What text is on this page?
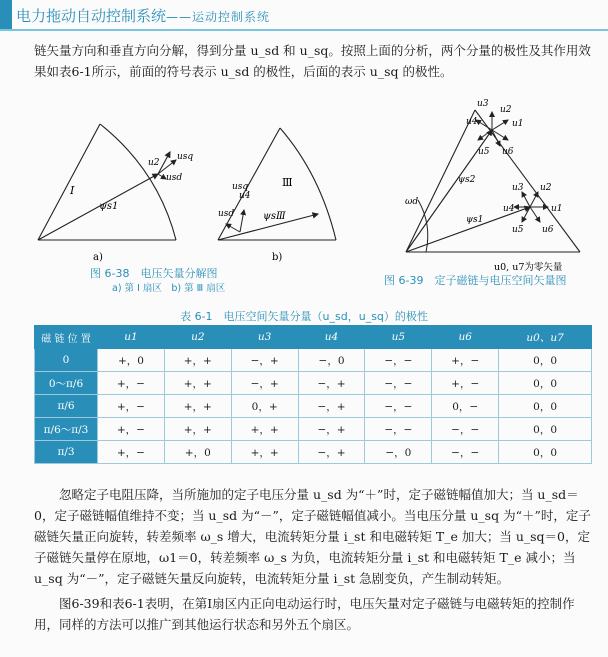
电力拖动自动控制系统——运动控制系统

链矢量方向和垂直方向分解，得到分量 u_sd 和 u_sq。按照上面的分析，两个分量的极性及其作用效果如表6-1所示，前面的符号表示 u_sd 的极性，后面的表示 u_sq 的极性。

Ⅰ
ψs1
u2
usq
usd
a)
Ⅲ
ψsⅢ
u4
usq
usd
b)
u3
u2
u4	u1
u5 u6
u3 u2
u4	u1
u5 u6
ωd
ψs2
ψs1
u0, u7为零矢量
图 6-38　电压矢量分解图
a) 第 Ⅰ 扇区　b) 第 Ⅲ 扇区
图 6-39　定子磁链与电压空间矢量图
表 6-1　电压空间矢量分量（u_sd，u_sq）的极性
磁 链 位 置	u1	u2	u3	u4	u5	u6	u0、u7
0	+，0	+，+	−，+	−，0	−，−	+，−	0，0
0～π/6	+，−	+，+	−，+	−，+	−，−	+，−	0，0
π/6	+，−	+，+	0，+	−，+	−，−	0，−	0，0
π/6～π/3	+，−	+，+	+，+	−，+	−，−	−，−	0，0
π/3	+，−	+，0	+，+	−，+	−，0	−，−	0，0

忽略定子电阻压降，当所施加的定子电压分量 u_sd 为“＋”时，定子磁链幅值加大；当 u_sd＝0，定子磁链幅值维持不变；当 u_sd 为“－”，定子磁链幅值减小。当电压分量 u_sq 为“＋”时，定子磁链矢量正向旋转，转差频率 ω_s 增大，电流转矩分量 i_st 和电磁转矩 T_e 加大；当 u_sq＝0，定子磁链矢量停在原地，ω1＝0，转差频率 ω_s 为负，电流转矩分量 i_st 和电磁转矩 T_e 减小；当 u_sq 为“－”，定子磁链矢量反向旋转，电流转矩分量 i_st 急剧变负，产生制动转矩。

图6-39和表6-1表明，在第Ⅰ扇区内正向电动运行时，电压矢量对定子磁链与电磁转矩的控制作用，同样的方法可以推广到其他运行状态和另外五个扇区。
